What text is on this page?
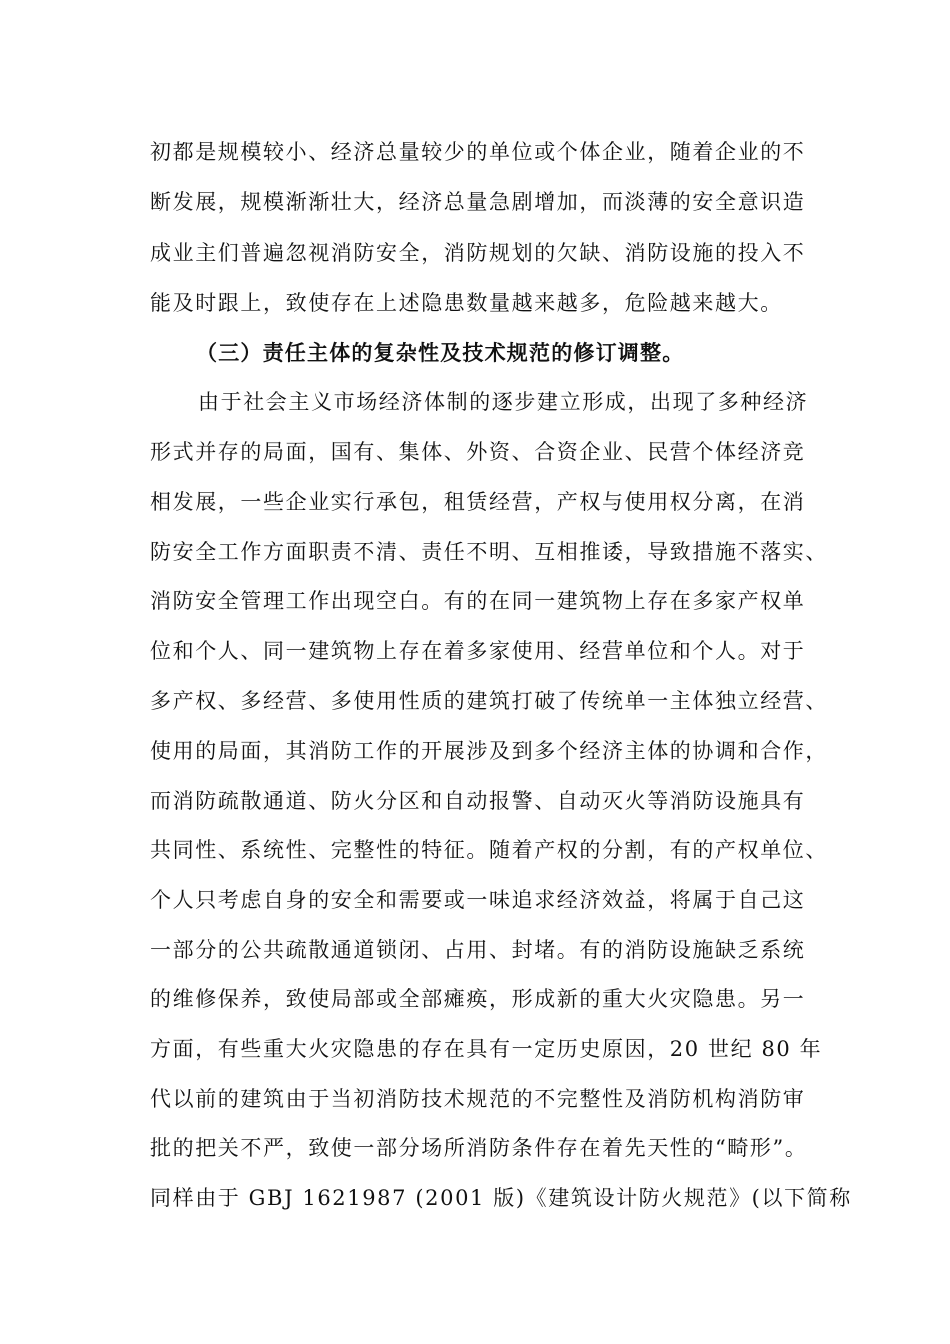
初都是规模较小、经济总量较少的单位或个体企业，随着企业的不
断发展，规模渐渐壮大，经济总量急剧增加，而淡薄的安全意识造
成业主们普遍忽视消防安全，消防规划的欠缺、消防设施的投入不
能及时跟上，致使存在上述隐患数量越来越多，危险越来越大。
（三）责任主体的复杂性及技术规范的修订调整。
由于社会主义市场经济体制的逐步建立形成，出现了多种经济
形式并存的局面，国有、集体、外资、合资企业、民营个体经济竞
相发展，一些企业实行承包，租赁经营，产权与使用权分离，在消
防安全工作方面职责不清、责任不明、互相推诿，导致措施不落实、
消防安全管理工作出现空白。有的在同一建筑物上存在多家产权单
位和个人、同一建筑物上存在着多家使用、经营单位和个人。对于
多产权、多经营、多使用性质的建筑打破了传统单一主体独立经营、
使用的局面，其消防工作的开展涉及到多个经济主体的协调和合作，
而消防疏散通道、防火分区和自动报警、自动灭火等消防设施具有
共同性、系统性、完整性的特征。随着产权的分割，有的产权单位、
个人只考虑自身的安全和需要或一味追求经济效益，将属于自己这
一部分的公共疏散通道锁闭、占用、封堵。有的消防设施缺乏系统
的维修保养，致使局部或全部瘫痪，形成新的重大火灾隐患。另一
方面，有些重大火灾隐患的存在具有一定历史原因，20 世纪 80 年
代以前的建筑由于当初消防技术规范的不完整性及消防机构消防审
批的把关不严，致使一部分场所消防条件存在着先天性的“畸形”。
同样由于 GBJ 1621987 (2001 版)《建筑设计防火规范》(以下简称
